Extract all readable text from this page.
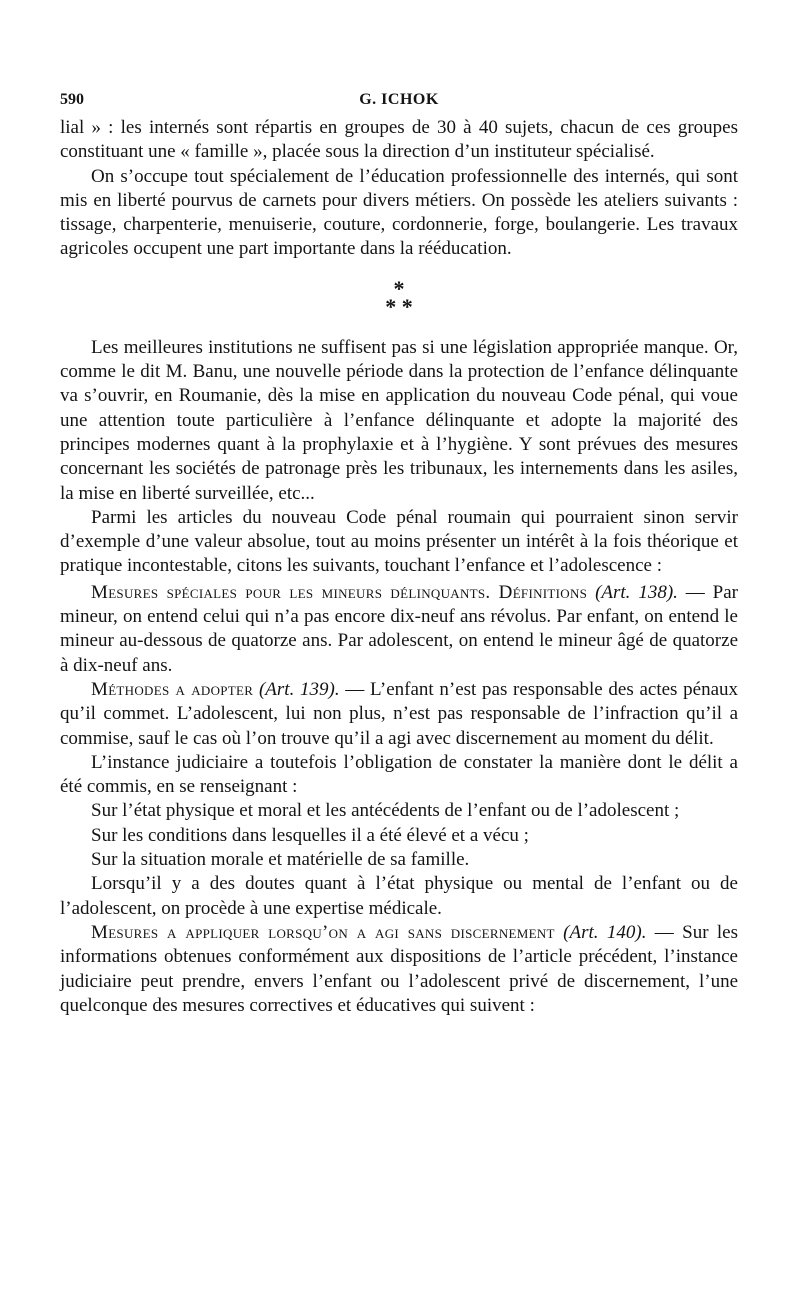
590	G. ICHOK

lial » : les internés sont répartis en groupes de 30 à 40 sujets, chacun de ces groupes constituant une « famille », placée sous la direction d’un instituteur spécialisé.

On s’occupe tout spécialement de l’éducation professionnelle des internés, qui sont mis en liberté pourvus de carnets pour divers métiers. On possède les ateliers suivants : tissage, charpenterie, menuiserie, couture, cordonnerie, forge, boulangerie. Les travaux agricoles occupent une part importante dans la rééducation.

*
* *

Les meilleures institutions ne suffisent pas si une législation appropriée manque. Or, comme le dit M. Banu, une nouvelle période dans la protection de l’enfance délinquante va s’ouvrir, en Roumanie, dès la mise en application du nouveau Code pénal, qui voue une attention toute particulière à l’enfance délinquante et adopte la majorité des principes modernes quant à la prophylaxie et à l’hygiène. Y sont prévues des mesures concernant les sociétés de patronage près les tribunaux, les internements dans les asiles, la mise en liberté surveillée, etc...

Parmi les articles du nouveau Code pénal roumain qui pourraient sinon servir d’exemple d’une valeur absolue, tout au moins présenter un intérêt à la fois théorique et pratique incontestable, citons les suivants, touchant l’enfance et l’adolescence :

Mesures spéciales pour les mineurs délinquants. Définitions (Art. 138). — Par mineur, on entend celui qui n’a pas encore dix-neuf ans révolus. Par enfant, on entend le mineur au-dessous de quatorze ans. Par adolescent, on entend le mineur âgé de quatorze à dix-neuf ans.

Méthodes a adopter (Art. 139). — L’enfant n’est pas responsable des actes pénaux qu’il commet. L’adolescent, lui non plus, n’est pas responsable de l’infraction qu’il a commise, sauf le cas où l’on trouve qu’il a agi avec discernement au moment du délit.

L’instance judiciaire a toutefois l’obligation de constater la manière dont le délit a été commis, en se renseignant :

Sur l’état physique et moral et les antécédents de l’enfant ou de l’adolescent ;

Sur les conditions dans lesquelles il a été élevé et a vécu ;

Sur la situation morale et matérielle de sa famille.

Lorsqu’il y a des doutes quant à l’état physique ou mental de l’enfant ou de l’adolescent, on procède à une expertise médicale.

Mesures a appliquer lorsqu’on a agi sans discernement (Art. 140). — Sur les informations obtenues conformément aux dispositions de l’article précédent, l’instance judiciaire peut prendre, envers l’enfant ou l’adolescent privé de discernement, l’une quelconque des mesures correctives et éducatives qui suivent :
